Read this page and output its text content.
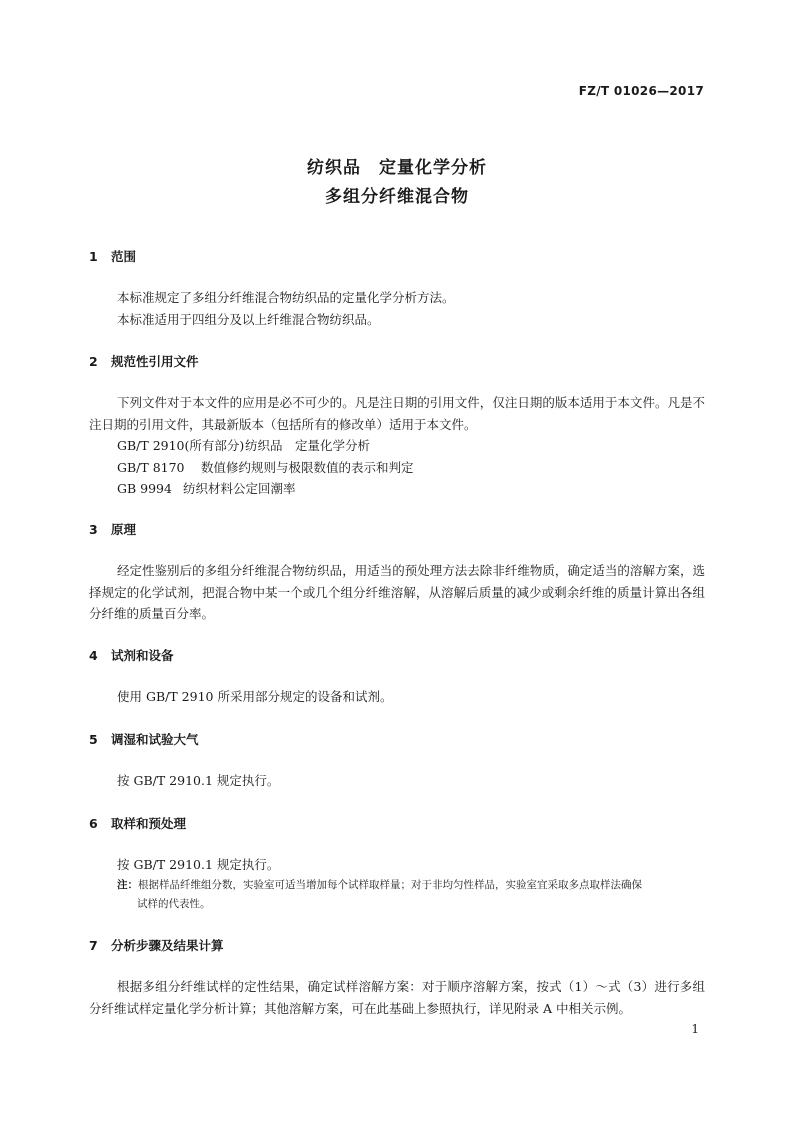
FZ/T 01026—2017
纺织品　定量化学分析
多组分纤维混合物
1 范围
本标准规定了多组分纤维混合物纺织品的定量化学分析方法。
本标准适用于四组分及以上纤维混合物纺织品。
2 规范性引用文件
下列文件对于本文件的应用是必不可少的。凡是注日期的引用文件，仅注日期的版本适用于本文件。凡是不注日期的引用文件，其最新版本（包括所有的修改单）适用于本文件。
GB/T 2910(所有部分)纺织品　定量化学分析
GB/T 8170 数值修约规则与极限数值的表示和判定
GB 9994 纺织材料公定回潮率
3 原理
经定性鉴别后的多组分纤维混合物纺织品，用适当的预处理方法去除非纤维物质，确定适当的溶解方案，选择规定的化学试剂，把混合物中某一个或几个组分纤维溶解，从溶解后质量的减少或剩余纤维的质量计算出各组分纤维的质量百分率。
4 试剂和设备
使用 GB/T 2910 所采用部分规定的设备和试剂。
5 调湿和试验大气
按 GB/T 2910.1 规定执行。
6 取样和预处理
按 GB/T 2910.1 规定执行。
注：根据样品纤维组分数，实验室可适当增加每个试样取样量；对于非均匀性样品，实验室宜采取多点取样法确保
试样的代表性。
7 分析步骤及结果计算
根据多组分纤维试样的定性结果，确定试样溶解方案：对于顺序溶解方案，按式（1）～式（3）进行多组分纤维试样定量化学分析计算；其他溶解方案，可在此基础上参照执行，详见附录 A 中相关示例。
1
